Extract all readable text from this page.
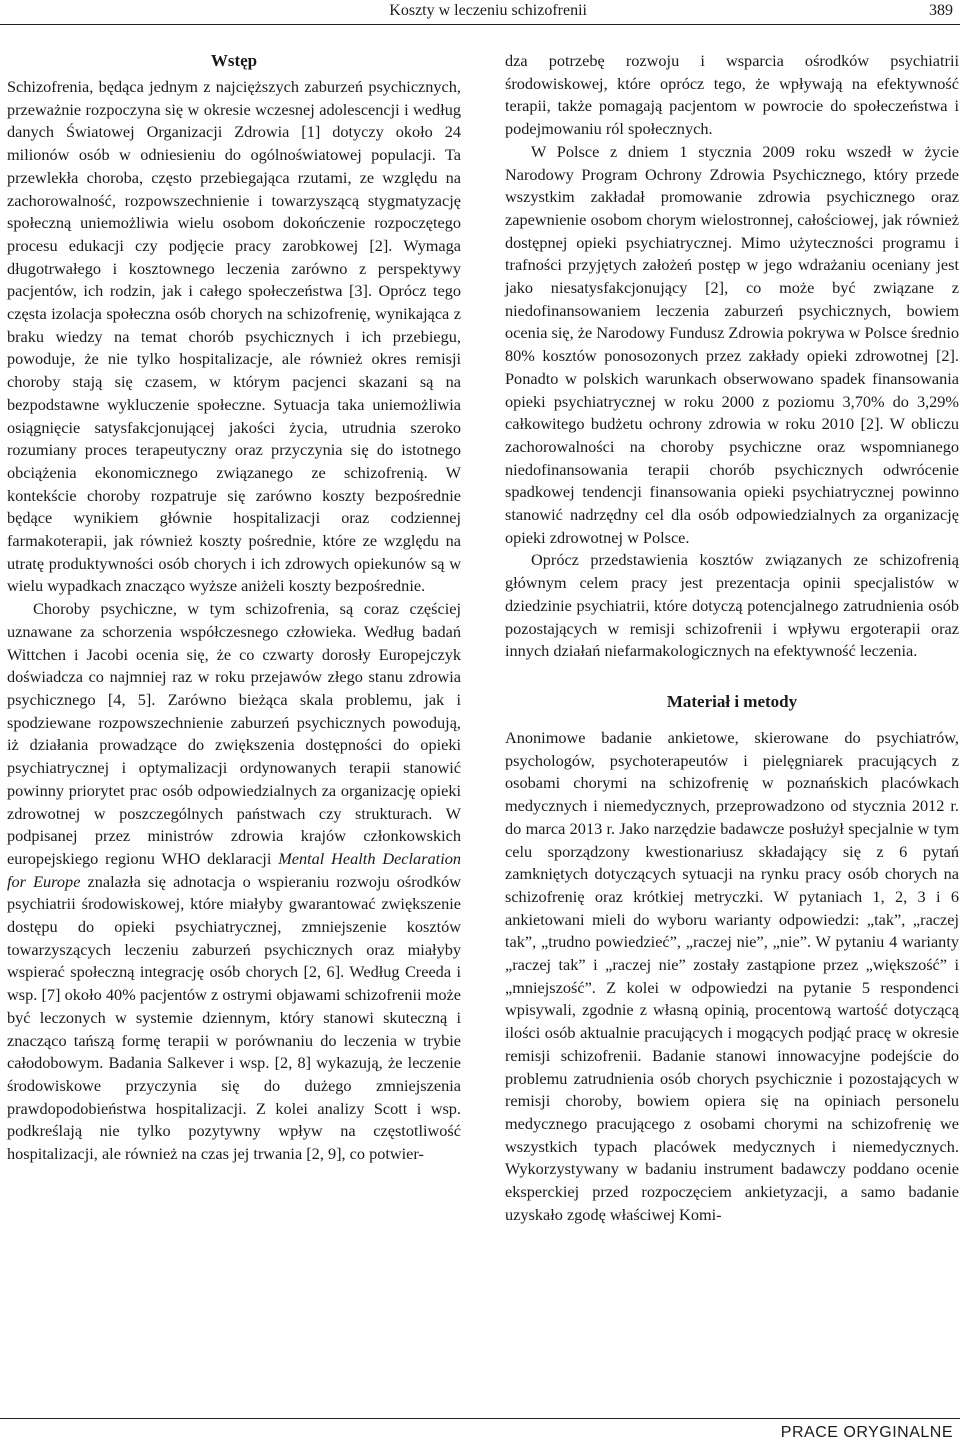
Koszty w leczeniu schizofrenii	389
Wstęp

Schizofrenia, będąca jednym z najcięższych zaburzeń psychicznych, przeważnie rozpoczyna się w okresie wczesnej adolescencji i według danych Światowej Organizacji Zdrowia [1] dotyczy około 24 milionów osób w odniesieniu do ogólnoświatowej populacji. Ta przewlekła choroba, często przebiegająca rzutami, ze względu na zachorowalność, rozpowszechnienie i towarzyszącą stygmatyzację społeczną uniemożliwia wielu osobom dokończenie rozpoczętego procesu edukacji czy podjęcie pracy zarobkowej [2]. Wymaga długotrwałego i kosztownego leczenia zarówno z perspektywy pacjentów, ich rodzin, jak i całego społeczeństwa [3]. Oprócz tego częsta izolacja społeczna osób chorych na schizofrenię, wynikająca z braku wiedzy na temat chorób psychicznych i ich przebiegu, powoduje, że nie tylko hospitalizacje, ale również okres remisji choroby stają się czasem, w którym pacjenci skazani są na bezpodstawne wykluczenie społeczne. Sytuacja taka uniemożliwia osiągnięcie satysfakcjonującej jakości życia, utrudnia szeroko rozumiany proces terapeutyczny oraz przyczynia się do istotnego obciążenia ekonomicznego związanego ze schizofrenią. W kontekście choroby rozpatruje się zarówno koszty bezpośrednie będące wynikiem głównie hospitalizacji oraz codziennej farmakoterapii, jak również koszty pośrednie, które ze względu na utratę produktywności osób chorych i ich zdrowych opiekunów są w wielu wypadkach znacząco wyższe aniżeli koszty bezpośrednie.

Choroby psychiczne, w tym schizofrenia, są coraz częściej uznawane za schorzenia współczesnego człowieka. Według badań Wittchen i Jacobi ocenia się, że co czwarty dorosły Europejczyk doświadcza co najmniej raz w roku przejawów złego stanu zdrowia psychicznego [4, 5]. Zarówno bieżąca skala problemu, jak i spodziewane rozpowszechnienie zaburzeń psychicznych powodują, iż działania prowadzące do zwiększenia dostępności do opieki psychiatrycznej i optymalizacji ordynowanych terapii stanowić powinny priorytet prac osób odpowiedzialnych za organizację opieki zdrowotnej w poszczególnych państwach czy strukturach. W podpisanej przez ministrów zdrowia krajów członkowskich europejskiego regionu WHO deklaracji Mental Health Declaration for Europe znalazła się adnotacja o wspieraniu rozwoju ośrodków psychiatrii środowiskowej, które miałyby gwarantować zwiększenie dostępu do opieki psychiatrycznej, zmniejszenie kosztów towarzyszących leczeniu zaburzeń psychicznych oraz miałyby wspierać społeczną integrację osób chorych [2, 6]. Według Creeda i wsp. [7] około 40% pacjentów z ostrymi objawami schizofrenii może być leczonych w systemie dziennym, który stanowi skuteczną i znacząco tańszą formę terapii w porównaniu do leczenia w trybie całodobowym. Badania Salkever i wsp. [2, 8] wykazują, że leczenie środowiskowe przyczynia się do dużego zmniejszenia prawdopodobieństwa hospitalizacji. Z kolei analizy Scott i wsp. podkreślają nie tylko pozytywny wpływ na częstotliwość hospitalizacji, ale również na czas jej trwania [2, 9], co potwier-

dza potrzebę rozwoju i wsparcia ośrodków psychiatrii środowiskowej, które oprócz tego, że wpływają na efektywność terapii, także pomagają pacjentom w powrocie do społeczeństwa i podejmowaniu ról społecznych.

W Polsce z dniem 1 stycznia 2009 roku wszedł w życie Narodowy Program Ochrony Zdrowia Psychicznego, który przede wszystkim zakładał promowanie zdrowia psychicznego oraz zapewnienie osobom chorym wielostronnej, całościowej, jak również dostępnej opieki psychiatrycznej. Mimo użyteczności programu i trafności przyjętych założeń postęp w jego wdrażaniu oceniany jest jako niesatysfakcjonujący [2], co może być związane z niedofinansowaniem leczenia zaburzeń psychicznych, bowiem ocenia się, że Narodowy Fundusz Zdrowia pokrywa w Polsce średnio 80% kosztów ponosozonych przez zakłady opieki zdrowotnej [2]. Ponadto w polskich warunkach obserwowano spadek finansowania opieki psychiatrycznej w roku 2000 z poziomu 3,70% do 3,29% całkowitego budżetu ochrony zdrowia w roku 2010 [2]. W obliczu zachorowalności na choroby psychiczne oraz wspomnianego niedofinansowania terapii chorób psychicznych odwrócenie spadkowej tendencji finansowania opieki psychiatrycznej powinno stanowić nadrzędny cel dla osób odpowiedzialnych za organizację opieki zdrowotnej w Polsce.

Oprócz przedstawienia kosztów związanych ze schizofrenią głównym celem pracy jest prezentacja opinii specjalistów w dziedzinie psychiatrii, które dotyczą potencjalnego zatrudnienia osób pozostających w remisji schizofrenii i wpływu ergoterapii oraz innych działań niefarmakologicznych na efektywność leczenia.

Materiał i metody

Anonimowe badanie ankietowe, skierowane do psychiatrów, psychologów, psychoterapeutów i pielęgniarek pracujących z osobami chorymi na schizofrenię w poznańskich placówkach medycznych i niemedycznych, przeprowadzono od stycznia 2012 r. do marca 2013 r. Jako narzędzie badawcze posłużył specjalnie w tym celu sporządzony kwestionariusz składający się z 6 pytań zamkniętych dotyczących sytuacji na rynku pracy osób chorych na schizofrenię oraz krótkiej metryczki. W pytaniach 1, 2, 3 i 6 ankietowani mieli do wyboru warianty odpowiedzi: „tak”, „raczej tak”, „trudno powiedzieć”, „raczej nie”, „nie”. W pytaniu 4 warianty „raczej tak” i „raczej nie” zostały zastąpione przez „większość” i „mniejszość”. Z kolei w odpowiedzi na pytanie 5 respondenci wpisywali, zgodnie z własną opinią, procentową wartość dotyczącą ilości osób aktualnie pracujących i mogących podjąć pracę w okresie remisji schizofrenii. Badanie stanowi innowacyjne podejście do problemu zatrudnienia osób chorych psychicznie i pozostających w remisji choroby, bowiem opiera się na opiniach personelu medycznego pracującego z osobami chorymi na schizofrenię we wszystkich typach placówek medycznych i niemedycznych. Wykorzystywany w badaniu instrument badawczy poddano ocenie eksperckiej przed rozpoczęciem ankietyzacji, a samo badanie uzyskało zgodę właściwej Komi-

PRACE ORYGINALNE
